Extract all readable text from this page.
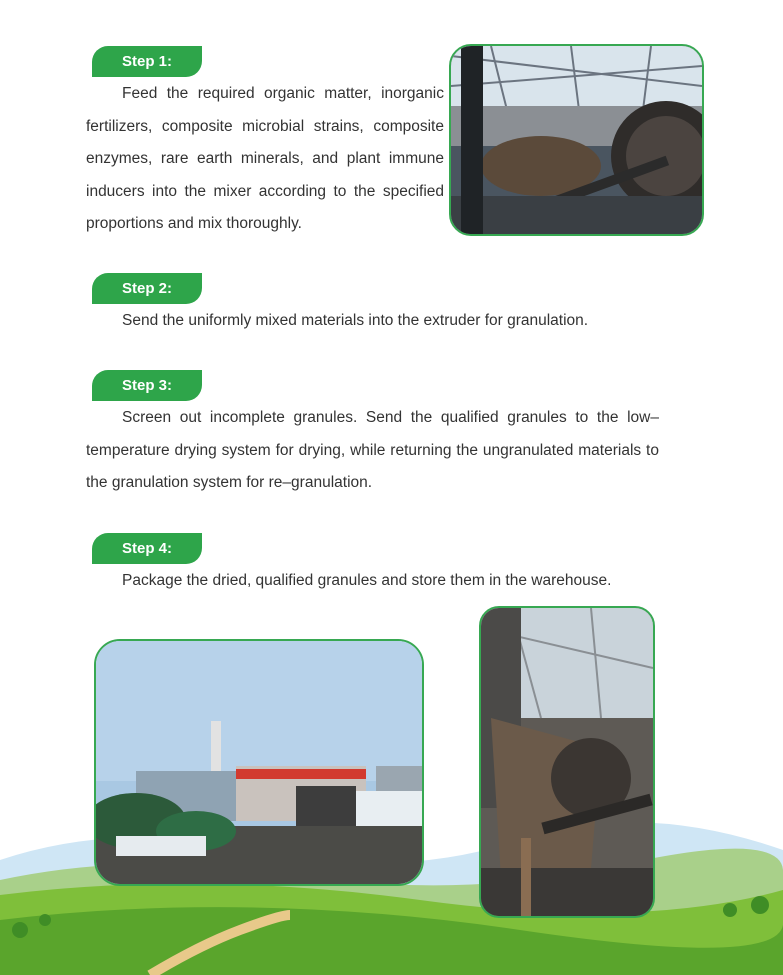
Step 1:

Feed the required organic matter, inorganic fertilizers, composite microbial strains, composite enzymes, rare earth minerals, and plant immune inducers into the mixer according to the specified proportions and mix thoroughly.

Step 2:

Send the uniformly mixed materials into the extruder for granulation.

Step 3:

Screen out incomplete granules. Send the qualified granules to the low–temperature drying system for drying, while returning the ungranulated materials to the granulation system for re–granulation.

Step 4:

Package the dried, qualified granules and store them in the warehouse.
